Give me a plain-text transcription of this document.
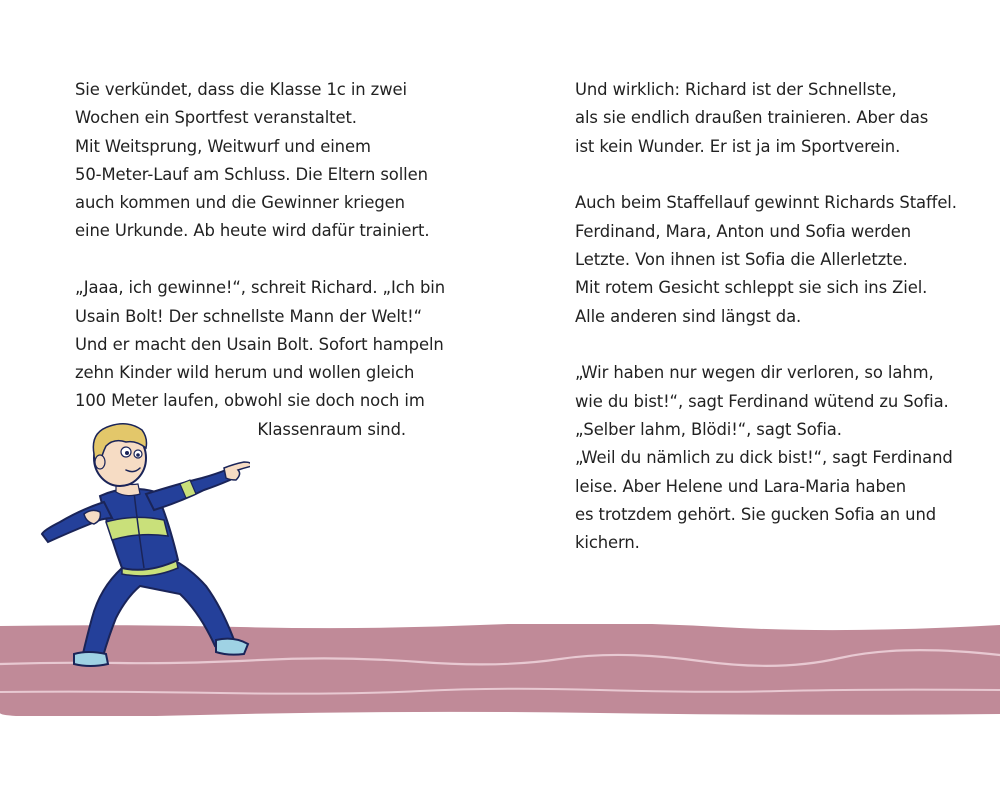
Sie verkündet, dass die Klasse 1c in zwei
Wochen ein Sportfest veranstaltet.
Mit Weitsprung, Weitwurf und einem
50-Meter-Lauf am Schluss. Die Eltern sollen
auch kommen und die Gewinner kriegen
eine Urkunde. Ab heute wird dafür trainiert.
„Jaaa, ich gewinne!“, schreit Richard. „Ich bin
Usain Bolt! Der schnellste Mann der Welt!“
Und er macht den Usain Bolt. Sofort hampeln
zehn Kinder wild herum und wollen gleich
100 Meter laufen, obwohl sie doch noch im
Klassenraum sind.
Und wirklich: Richard ist der Schnellste,
als sie endlich draußen trainieren. Aber das
ist kein Wunder. Er ist ja im Sportverein.
Auch beim Staffellauf gewinnt Richards Staffel.
Ferdinand, Mara, Anton und Sofia werden
Letzte. Von ihnen ist Sofia die Allerletzte.
Mit rotem Gesicht schleppt sie sich ins Ziel.
Alle anderen sind längst da.
„Wir haben nur wegen dir verloren, so lahm,
wie du bist!“, sagt Ferdinand wütend zu Sofia.
„Selber lahm, Blödi!“, sagt Sofia.
„Weil du nämlich zu dick bist!“, sagt Ferdinand
leise. Aber Helene und Lara-Maria haben
es trotzdem gehört. Sie gucken Sofia an und
kichern.
